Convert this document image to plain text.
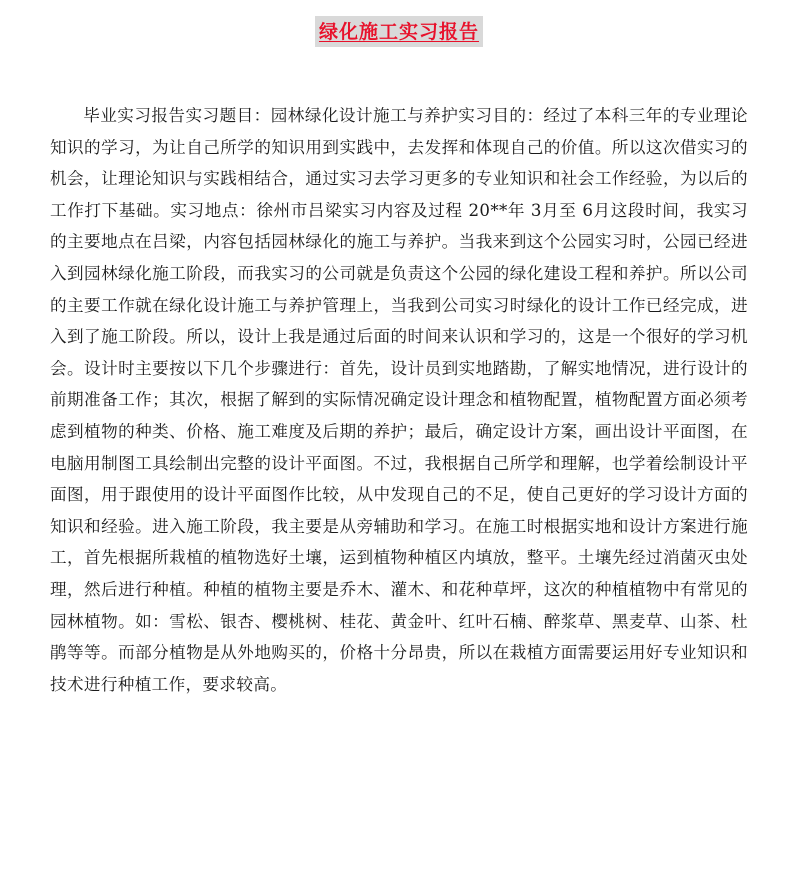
绿化施工实习报告

毕业实习报告实习题目：园林绿化设计施工与养护实习目的：经过了本科三年的专业理论知识的学习，为让自己所学的知识用到实践中，去发挥和体现自己的价值。所以这次借实习的机会，让理论知识与实践相结合，通过实习去学习更多的专业知识和社会工作经验，为以后的工作打下基础。实习地点：徐州市吕梁实习内容及过程 20**年 3月至 6月这段时间，我实习的主要地点在吕梁，内容包括园林绿化的施工与养护。当我来到这个公园实习时，公园已经进入到园林绿化施工阶段，而我实习的公司就是负责这个公园的绿化建设工程和养护。所以公司的主要工作就在绿化设计施工与养护管理上，当我到公司实习时绿化的设计工作已经完成，进入到了施工阶段。所以，设计上我是通过后面的时间来认识和学习的，这是一个很好的学习机会。设计时主要按以下几个步骤进行：首先，设计员到实地踏勘，了解实地情况，进行设计的前期准备工作；其次，根据了解到的实际情况确定设计理念和植物配置，植物配置方面必须考虑到植物的种类、价格、施工难度及后期的养护；最后，确定设计方案，画出设计平面图，在电脑用制图工具绘制出完整的设计平面图。不过，我根据自己所学和理解，也学着绘制设计平面图，用于跟使用的设计平面图作比较，从中发现自己的不足，使自己更好的学习设计方面的知识和经验。进入施工阶段，我主要是从旁辅助和学习。在施工时根据实地和设计方案进行施工，首先根据所栽植的植物选好土壤，运到植物种植区内填放，整平。土壤先经过消菌灭虫处理，然后进行种植。种植的植物主要是乔木、灌木、和花种草坪，这次的种植植物中有常见的园林植物。如：雪松、银杏、樱桃树、桂花、黄金叶、红叶石楠、醉浆草、黑麦草、山茶、杜鹃等等。而部分植物是从外地购买的，价格十分昂贵，所以在栽植方面需要运用好专业知识和技术进行种植工作，要求较高。
